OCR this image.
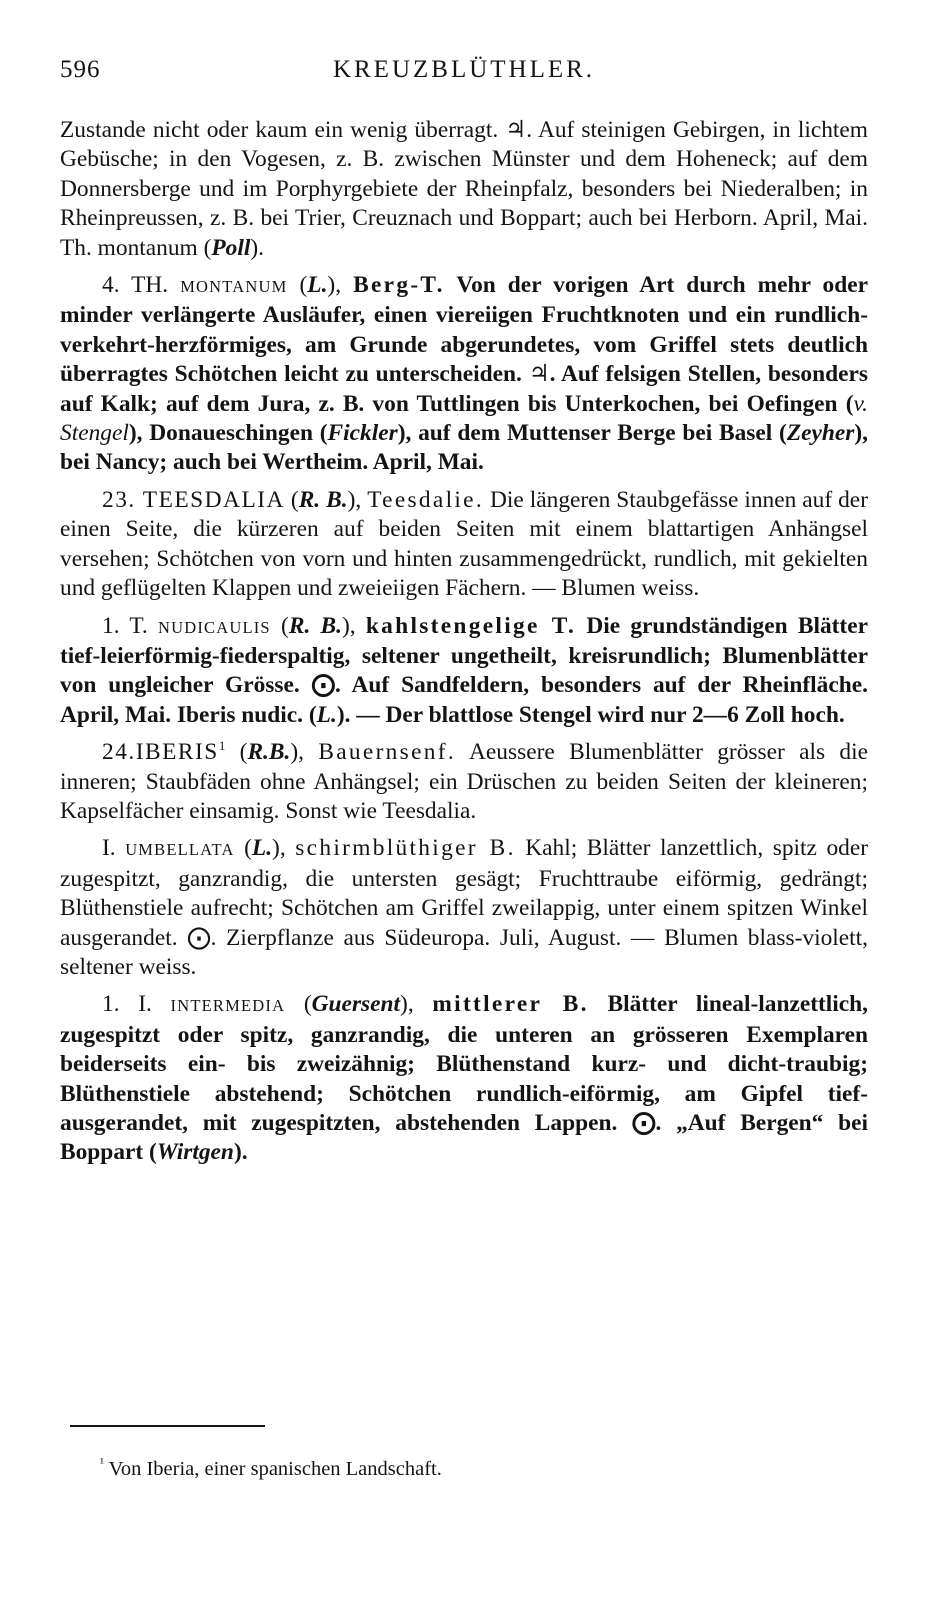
596	KREUZBLÜTHLER.

Zustande nicht oder kaum ein wenig überragt. ♃. Auf steinigen Gebirgen, in lichtem Gebüsche; in den Vogesen, z. B. zwischen Münster und dem Hoheneck; auf dem Donnersberge und im Porphyrgebiete der Rheinpfalz, besonders bei Niederalben; in Rheinpreussen, z. B. bei Trier, Creuznach und Boppart; auch bei Herborn. April, Mai. Th. montanum (Poll).

4. TH. MONTANUM (L.), Berg-T. Von der vorigen Art durch mehr oder minder verlängerte Ausläufer, einen viereiigen Fruchtknoten und ein rundlich-verkehrt-herzförmiges, am Grunde abgerundetes, vom Griffel stets deutlich überragtes Schötchen leicht zu unterscheiden. ♃. Auf felsigen Stellen, besonders auf Kalk; auf dem Jura, z. B. von Tuttlingen bis Unterkochen, bei Oefingen (v. Stengel), Donaueschingen (Fickler), auf dem Muttenser Berge bei Basel (Zeyher), bei Nancy; auch bei Wertheim. April, Mai.

23. TEESDALIA (R. B.), Teesdalie. Die längeren Staubgefässe innen auf der einen Seite, die kürzeren auf beiden Seiten mit einem blattartigen Anhängsel versehen; Schötchen von vorn und hinten zusammengedrückt, rundlich, mit gekielten und geflügelten Klappen und zweieiigen Fächern. — Blumen weiss.

1. T. NUDICAULIS (R. B.), kahlstengelige T. Die grundständigen Blätter tief-leierförmig-fiederspaltig, seltener ungetheilt, kreisrundlich; Blumenblätter von ungleicher Grösse. ⨀. Auf Sandfeldern, besonders auf der Rheinfläche. April, Mai. Iberis nudic. (L.). — Der blattlose Stengel wird nur 2—6 Zoll hoch.

24.IBERIS$^1$ (R.B.), Bauernsenf. Aeussere Blumenblätter grösser als die inneren; Staubfäden ohne Anhängsel; ein Drüschen zu beiden Seiten der kleineren; Kapselfächer einsamig. Sonst wie Teesdalia.

I. UMBELLATA (L.), schirmblüthiger B. Kahl; Blätter lanzettlich, spitz oder zugespitzt, ganzrandig, die untersten gesägt; Fruchttraube eiförmig, gedrängt; Blüthenstiele aufrecht; Schötchen am Griffel zweilappig, unter einem spitzen Winkel ausgerandet. ⨀. Zierpflanze aus Südeuropa. Juli, August. — Blumen blass-violett, seltener weiss.

1. I. INTERMEDIA (Guersent), mittlerer B. Blätter lineal-lanzettlich, zugespitzt oder spitz, ganzrandig, die unteren an grösseren Exemplaren beiderseits ein- bis zweizähnig; Blüthenstand kurz- und dicht-traubig; Blüthenstiele abstehend; Schötchen rundlich-eiförmig, am Gipfel tief-ausgerandet, mit zugespitzten, abstehenden Lappen. ⨀. „Auf Bergen“ bei Boppart (Wirtgen).

$^{^1}$ Von Iberia, einer spanischen Landschaft.
